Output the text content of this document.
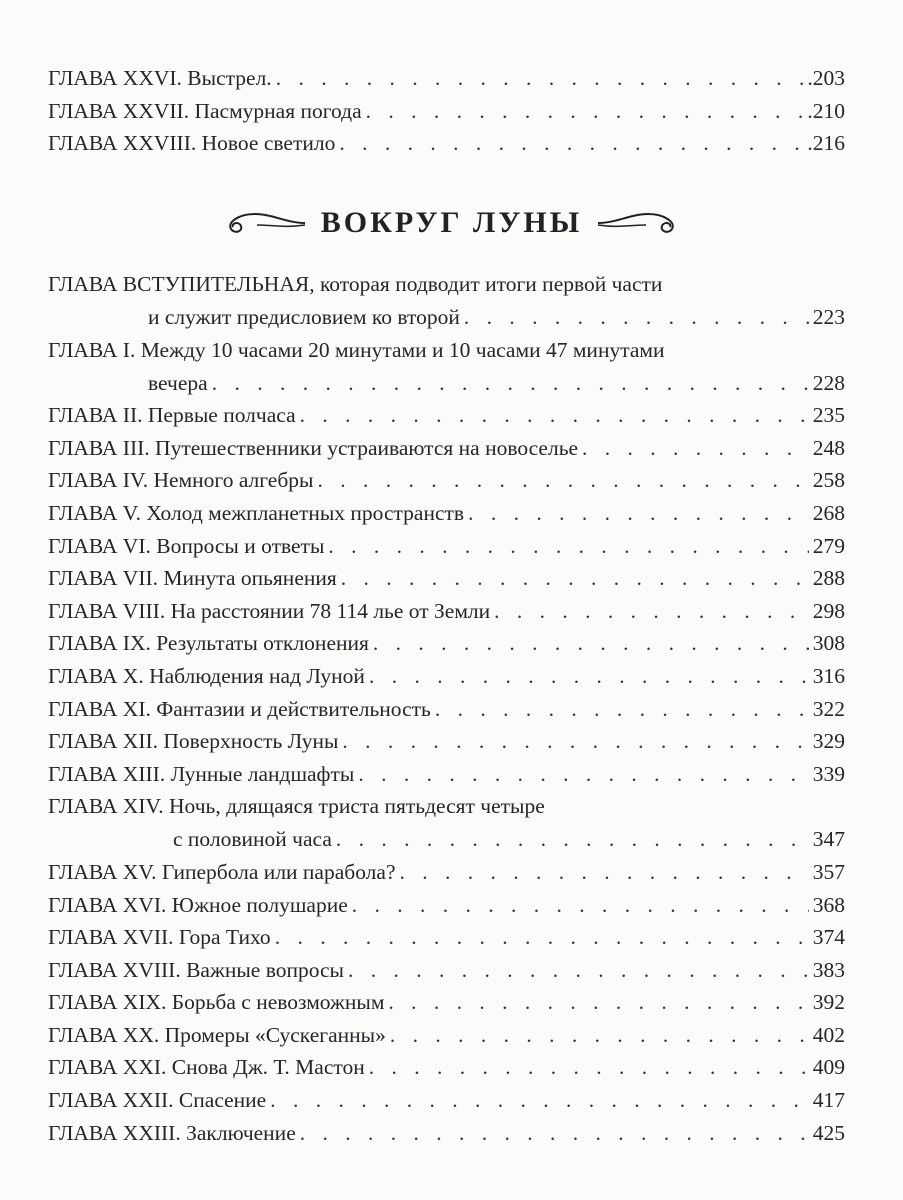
ГЛАВА XXVI. Выстрел. . . .	.203
ГЛАВА XXVII. Пасмурная погода . . .	.210
ГЛАВА XXVIII. Новое светило . . .	.216
ВОКРУГ ЛУНЫ
ГЛАВА ВСТУПИТЕЛЬНАЯ, которая подводит итоги первой части
и служит предисловием ко второй . . .	223
ГЛАВА I. Между 10 часами 20 минутами и 10 часами 47 минутами
вечера . . .	228
ГЛАВА II. Первые полчаса . . .	235
ГЛАВА III. Путешественники устраиваются на новоселье . . .	248
ГЛАВА IV. Немного алгебры . . .	258
ГЛАВА V. Холод межпланетных пространств . . .	268
ГЛАВА VI. Вопросы и ответы . . .	279
ГЛАВА VII. Минута опьянения . . .	288
ГЛАВА VIII. На расстоянии 78 114 лье от Земли . . .	298
ГЛАВА IX. Результаты отклонения . . .	308
ГЛАВА X. Наблюдения над Луной . . .	316
ГЛАВА XI. Фантазии и действительность . . .	322
ГЛАВА XII. Поверхность Луны . . .	329
ГЛАВА XIII. Лунные ландшафты . . .	339
ГЛАВА XIV. Ночь, длящаяся триста пятьдесят четыре
с половиной часа . . .	347
ГЛАВА XV. Гипербола или парабола? . . .	357
ГЛАВА XVI. Южное полушарие . . .	368
ГЛАВА XVII. Гора Тихо . . .	374
ГЛАВА XVIII. Важные вопросы . . .	383
ГЛАВА XIX. Борьба с невозможным . . .	392
ГЛАВА XX. Промеры «Сускеганны» . . .	402
ГЛАВА XXI. Снова Дж. Т. Мастон . . .	409
ГЛАВА XXII. Спасение . . .	417
ГЛАВА XXIII. Заключение . . .	425
